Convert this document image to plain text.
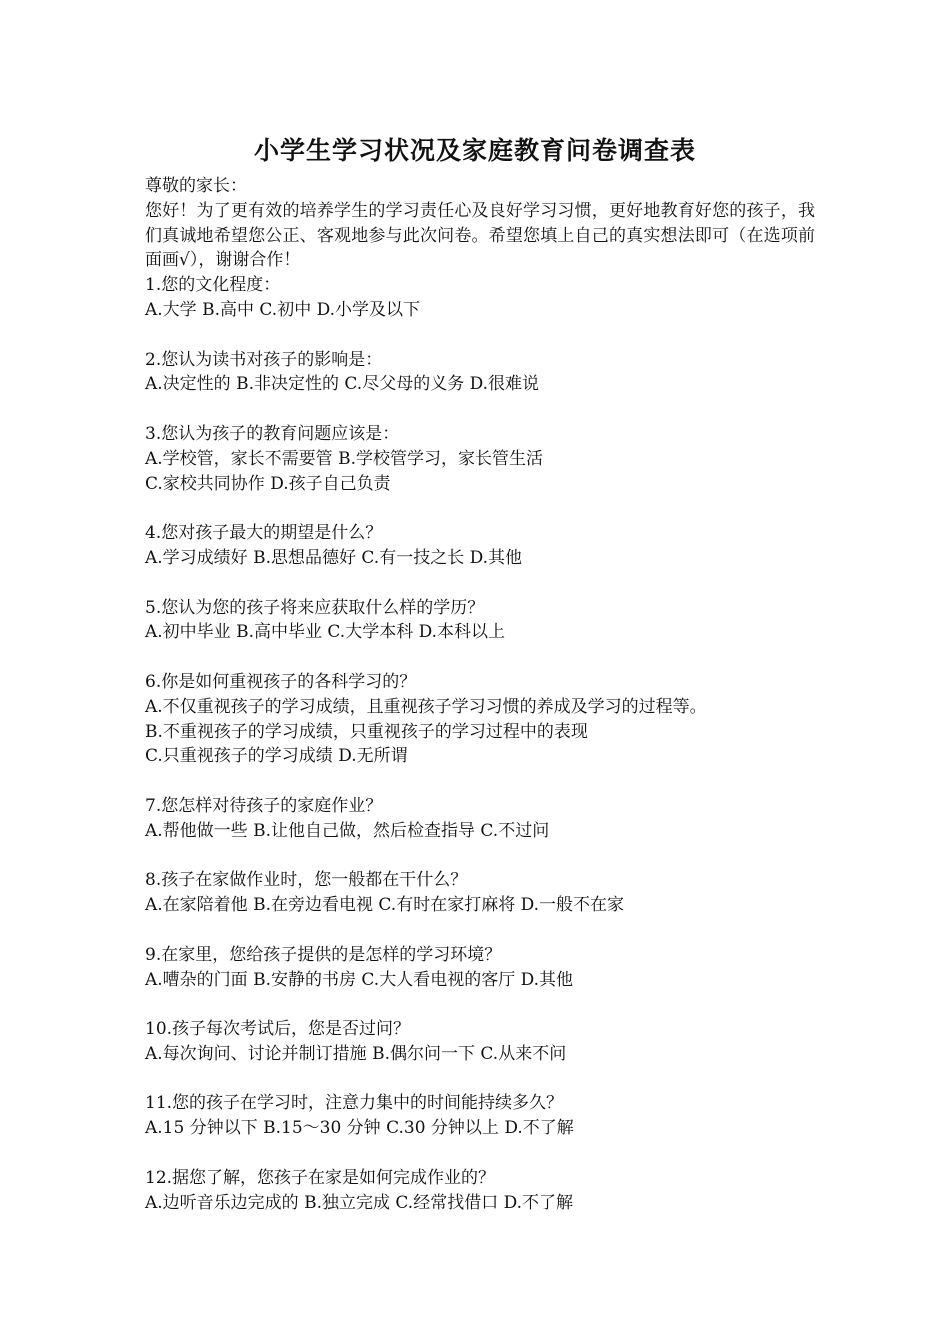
小学生学习状况及家庭教育问卷调查表
尊敬的家长：
您好！为了更有效的培养学生的学习责任心及良好学习习惯，更好地教育好您的孩子，我们真诚地希望您公正、客观地参与此次问卷。希望您填上自己的真实想法即可（在选项前面画√），谢谢合作！
1.您的文化程度：
A.大学 B.高中 C.初中 D.小学及以下
2.您认为读书对孩子的影响是：
A.决定性的 B.非决定性的 C.尽父母的义务 D.很难说
3.您认为孩子的教育问题应该是：
A.学校管，家长不需要管 B.学校管学习，家长管生活
C.家校共同协作 D.孩子自己负责
4.您对孩子最大的期望是什么？
A.学习成绩好 B.思想品德好 C.有一技之长 D.其他
5.您认为您的孩子将来应获取什么样的学历？
A.初中毕业 B.高中毕业 C.大学本科 D.本科以上
6.你是如何重视孩子的各科学习的？
A.不仅重视孩子的学习成绩，且重视孩子学习习惯的养成及学习的过程等。
B.不重视孩子的学习成绩，只重视孩子的学习过程中的表现
C.只重视孩子的学习成绩 D.无所谓
7.您怎样对待孩子的家庭作业？
A.帮他做一些 B.让他自己做，然后检查指导 C.不过问
8.孩子在家做作业时，您一般都在干什么？
A.在家陪着他 B.在旁边看电视 C.有时在家打麻将 D.一般不在家
9.在家里，您给孩子提供的是怎样的学习环境？
A.嘈杂的门面 B.安静的书房 C.大人看电视的客厅 D.其他
10.孩子每次考试后，您是否过问？
A.每次询问、讨论并制订措施 B.偶尔问一下 C.从来不问
11.您的孩子在学习时，注意力集中的时间能持续多久？
A.15 分钟以下 B.15～30 分钟 C.30 分钟以上 D.不了解
12.据您了解，您孩子在家是如何完成作业的？
A.边听音乐边完成的 B.独立完成 C.经常找借口 D.不了解
